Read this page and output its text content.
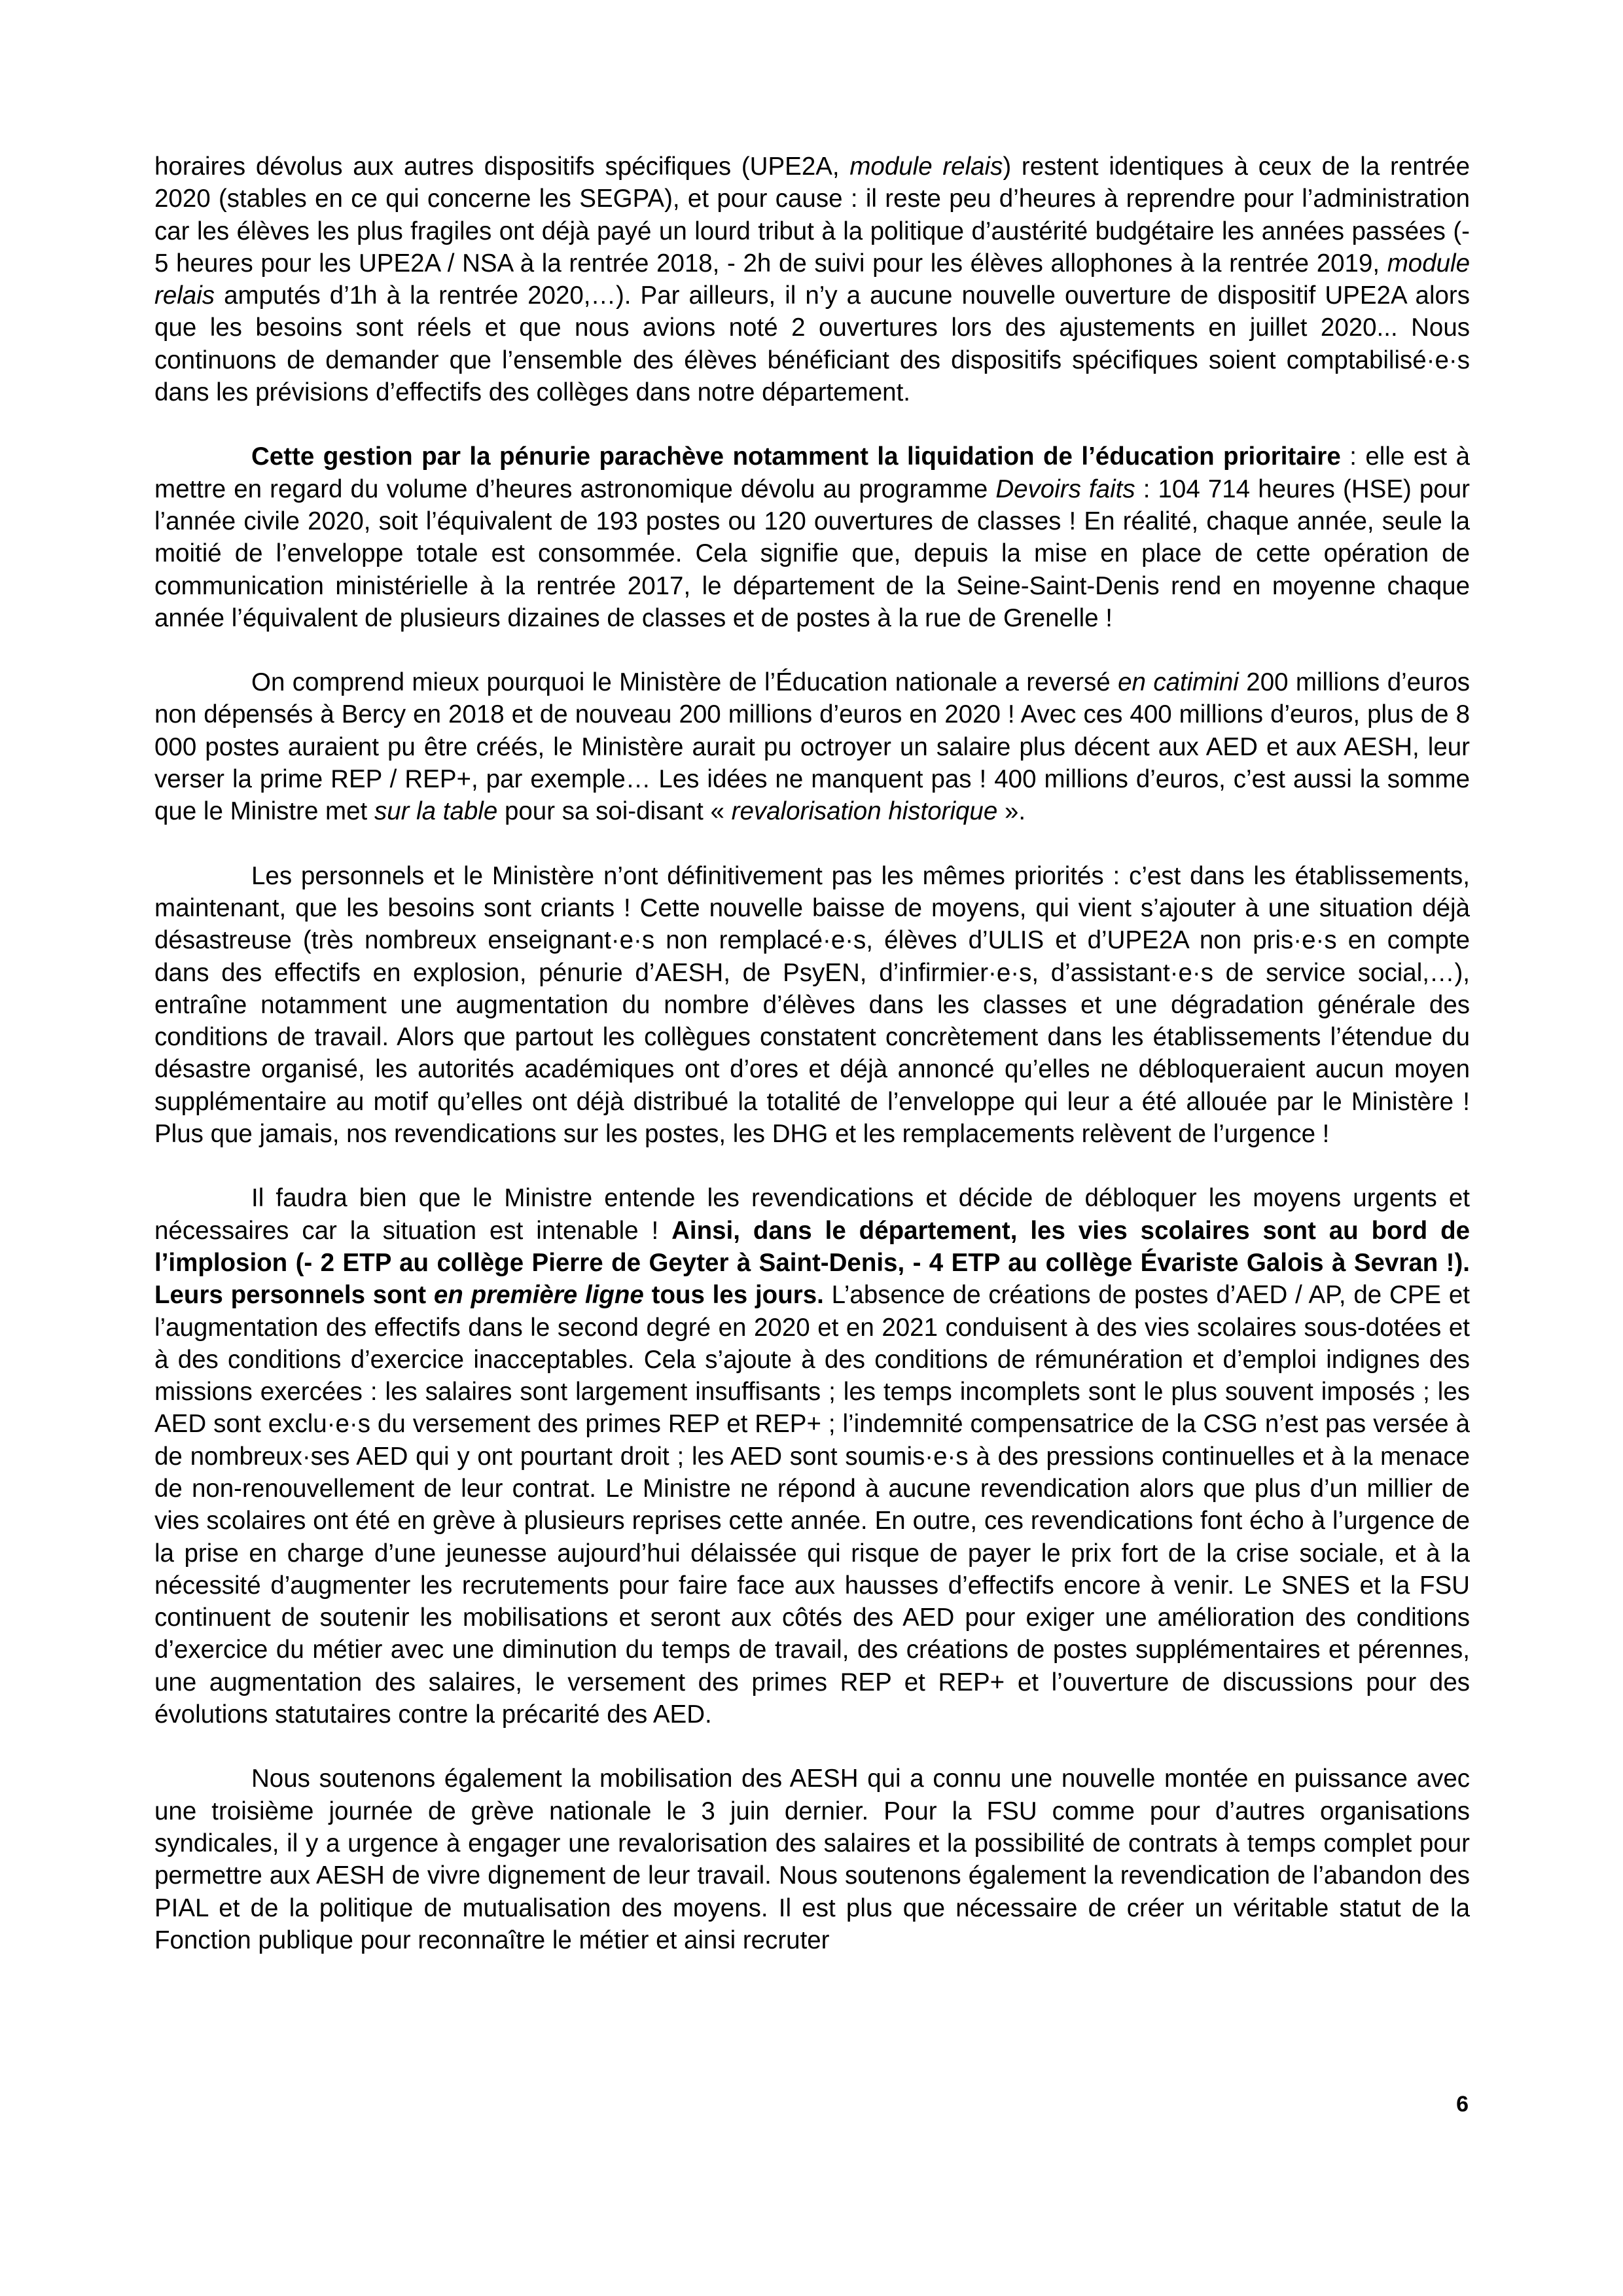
horaires dévolus aux autres dispositifs spécifiques (UPE2A, module relais) restent identiques à ceux de la rentrée 2020 (stables en ce qui concerne les SEGPA), et pour cause : il reste peu d’heures à reprendre pour l’administration car les élèves les plus fragiles ont déjà payé un lourd tribut à la politique d’austérité budgétaire les années passées (- 5 heures pour les UPE2A / NSA à la rentrée 2018, - 2h de suivi pour les élèves allophones à la rentrée 2019, module relais amputés d’1h à la rentrée 2020,…). Par ailleurs, il n’y a aucune nouvelle ouverture de dispositif UPE2A alors que les besoins sont réels et que nous avions noté 2 ouvertures lors des ajustements en juillet 2020... Nous continuons de demander que l’ensemble des élèves bénéficiant des dispositifs spécifiques soient comptabilisé·e·s dans les prévisions d’effectifs des collèges dans notre département.

Cette gestion par la pénurie parachève notamment la liquidation de l’éducation prioritaire : elle est à mettre en regard du volume d’heures astronomique dévolu au programme Devoirs faits : 104 714 heures (HSE) pour l’année civile 2020, soit l’équivalent de 193 postes ou 120 ouvertures de classes ! En réalité, chaque année, seule la moitié de l’enveloppe totale est consommée. Cela signifie que, depuis la mise en place de cette opération de communication ministérielle à la rentrée 2017, le département de la Seine-Saint-Denis rend en moyenne chaque année l’équivalent de plusieurs dizaines de classes et de postes à la rue de Grenelle !

On comprend mieux pourquoi le Ministère de l’Éducation nationale a reversé en catimini 200 millions d’euros non dépensés à Bercy en 2018 et de nouveau 200 millions d’euros en 2020 ! Avec ces 400 millions d’euros, plus de 8 000 postes auraient pu être créés, le Ministère aurait pu octroyer un salaire plus décent aux AED et aux AESH, leur verser la prime REP / REP+, par exemple… Les idées ne manquent pas ! 400 millions d’euros, c’est aussi la somme que le Ministre met sur la table pour sa soi-disant « revalorisation historique ».

Les personnels et le Ministère n’ont définitivement pas les mêmes priorités : c’est dans les établissements, maintenant, que les besoins sont criants ! Cette nouvelle baisse de moyens, qui vient s’ajouter à une situation déjà désastreuse (très nombreux enseignant·e·s non remplacé·e·s, élèves d’ULIS et d’UPE2A non pris·e·s en compte dans des effectifs en explosion, pénurie d’AESH, de PsyEN, d’infirmier·e·s, d’assistant·e·s de service social,…), entraîne notamment une augmentation du nombre d’élèves dans les classes et une dégradation générale des conditions de travail. Alors que partout les collègues constatent concrètement dans les établissements l’étendue du désastre organisé, les autorités académiques ont d’ores et déjà annoncé qu’elles ne débloqueraient aucun moyen supplémentaire au motif qu’elles ont déjà distribué la totalité de l’enveloppe qui leur a été allouée par le Ministère ! Plus que jamais, nos revendications sur les postes, les DHG et les remplacements relèvent de l’urgence !

Il faudra bien que le Ministre entende les revendications et décide de débloquer les moyens urgents et nécessaires car la situation est intenable ! Ainsi, dans le département, les vies scolaires sont au bord de l’implosion (- 2 ETP au collège Pierre de Geyter à Saint-Denis, - 4 ETP au collège Évariste Galois à Sevran !). Leurs personnels sont en première ligne tous les jours. L’absence de créations de postes d’AED / AP, de CPE et l’augmentation des effectifs dans le second degré en 2020 et en 2021 conduisent à des vies scolaires sous-dotées et à des conditions d’exercice inacceptables. Cela s’ajoute à des conditions de rémunération et d’emploi indignes des missions exercées : les salaires sont largement insuffisants ; les temps incomplets sont le plus souvent imposés ; les AED sont exclu·e·s du versement des primes REP et REP+ ; l’indemnité compensatrice de la CSG n’est pas versée à de nombreux·ses AED qui y ont pourtant droit ; les AED sont soumis·e·s à des pressions continuelles et à la menace de non-renouvellement de leur contrat. Le Ministre ne répond à aucune revendication alors que plus d’un millier de vies scolaires ont été en grève à plusieurs reprises cette année. En outre, ces revendications font écho à l’urgence de la prise en charge d’une jeunesse aujourd’hui délaissée qui risque de payer le prix fort de la crise sociale, et à la nécessité d’augmenter les recrutements pour faire face aux hausses d’effectifs encore à venir. Le SNES et la FSU continuent de soutenir les mobilisations et seront aux côtés des AED pour exiger une amélioration des conditions d’exercice du métier avec une diminution du temps de travail, des créations de postes supplémentaires et pérennes, une augmentation des salaires, le versement des primes REP et REP+ et l’ouverture de discussions pour des évolutions statutaires contre la précarité des AED.

Nous soutenons également la mobilisation des AESH qui a connu une nouvelle montée en puissance avec une troisième journée de grève nationale le 3 juin dernier. Pour la FSU comme pour d’autres organisations syndicales, il y a urgence à engager une revalorisation des salaires et la possibilité de contrats à temps complet pour permettre aux AESH de vivre dignement de leur travail. Nous soutenons également la revendication de l’abandon des PIAL et de la politique de mutualisation des moyens. Il est plus que nécessaire de créer un véritable statut de la Fonction publique pour reconnaître le métier et ainsi recruter

6
